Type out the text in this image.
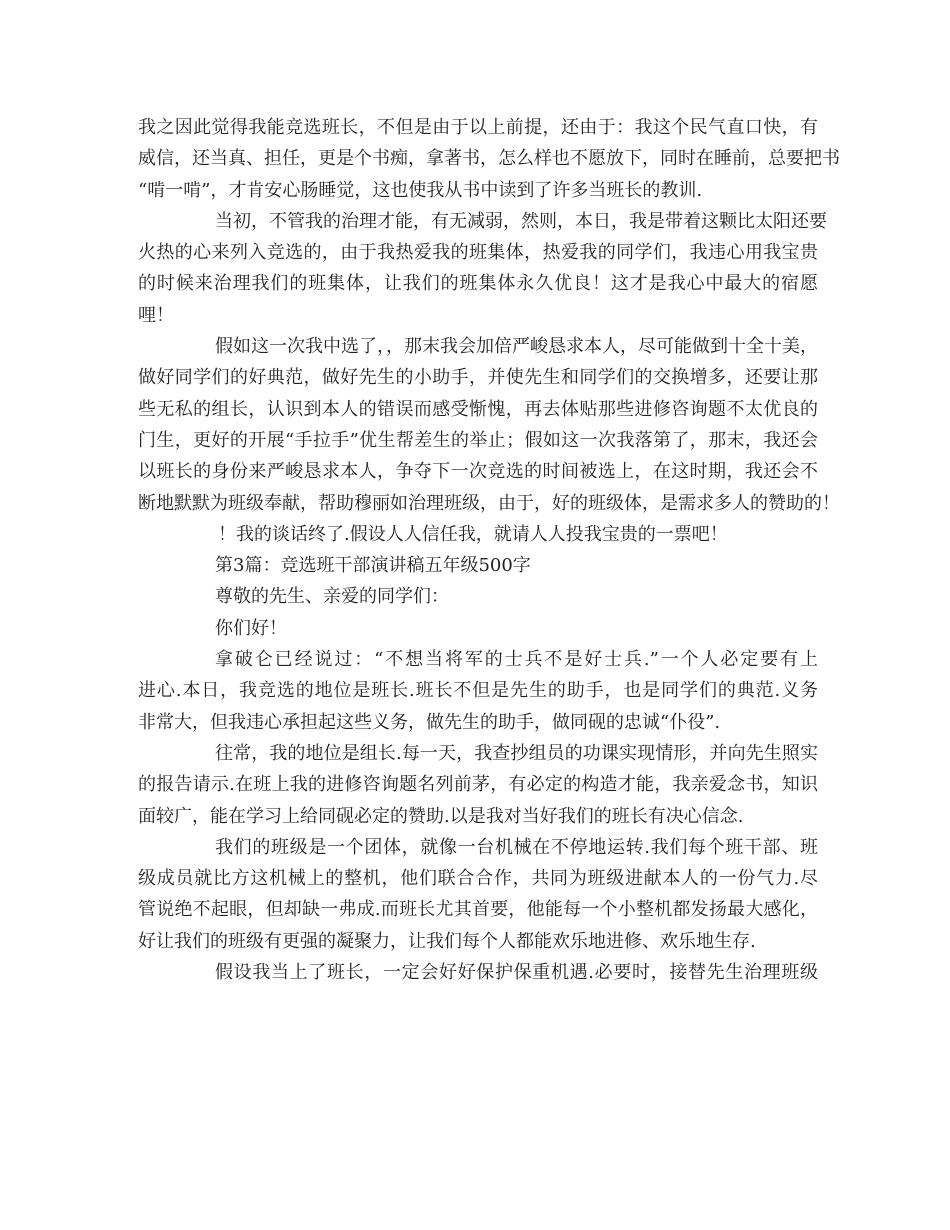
我之因此觉得我能竞选班长，不但是由于以上前提，还由于：我这个民气直口快，有
威信，还当真、担任，更是个书痴，拿著书，怎么样也不愿放下，同时在睡前，总要把书
“啃一啃”，才肯安心肠睡觉，这也使我从书中读到了许多当班长的教训.
当初，不管我的治理才能，有无减弱，然则，本日，我是带着这颗比太阳还要
火热的心来列入竞选的，由于我热爱我的班集体，热爱我的同学们，我违心用我宝贵
的时候来治理我们的班集体，让我们的班集体永久优良！这才是我心中最大的宿愿
哩！
假如这一次我中选了，，那末我会加倍严峻恳求本人，尽可能做到十全十美，
做好同学们的好典范，做好先生的小助手，并使先生和同学们的交换增多，还要让那
些无私的组长，认识到本人的错误而感受惭愧，再去体贴那些进修咨询题不太优良的
门生，更好的开展“手拉手”优生帮差生的举止；假如这一次我落第了，那末，我还会
以班长的身份来严峻恳求本人，争夺下一次竞选的时间被选上，在这时期，我还会不
断地默默为班级奉献，帮助穆丽如治理班级，由于，好的班级体，是需求多人的赞助的！
！我的谈话终了.假设人人信任我，就请人人投我宝贵的一票吧！
第3篇：竞选班干部演讲稿五年级500字
尊敬的先生、亲爱的同学们：
你们好！
拿破仑已经说过：“不想当将军的士兵不是好士兵.”一个人必定要有上
进心.本日，我竞选的地位是班长.班长不但是先生的助手，也是同学们的典范.义务
非常大，但我违心承担起这些义务，做先生的助手，做同砚的忠诚“仆役”.
往常，我的地位是组长.每一天，我查抄组员的功课实现情形，并向先生照实
的报告请示.在班上我的进修咨询题名列前茅，有必定的构造才能，我亲爱念书，知识
面较广，能在学习上给同砚必定的赞助.以是我对当好我们的班长有决心信念.
我们的班级是一个团体，就像一台机械在不停地运转.我们每个班干部、班
级成员就比方这机械上的整机，他们联合合作，共同为班级进献本人的一份气力.尽
管说绝不起眼，但却缺一弗成.而班长尤其首要，他能每一个小整机都发扬最大感化，
好让我们的班级有更强的凝聚力，让我们每个人都能欢乐地进修、欢乐地生存.
假设我当上了班长，一定会好好保护保重机遇.必要时，接替先生治理班级
